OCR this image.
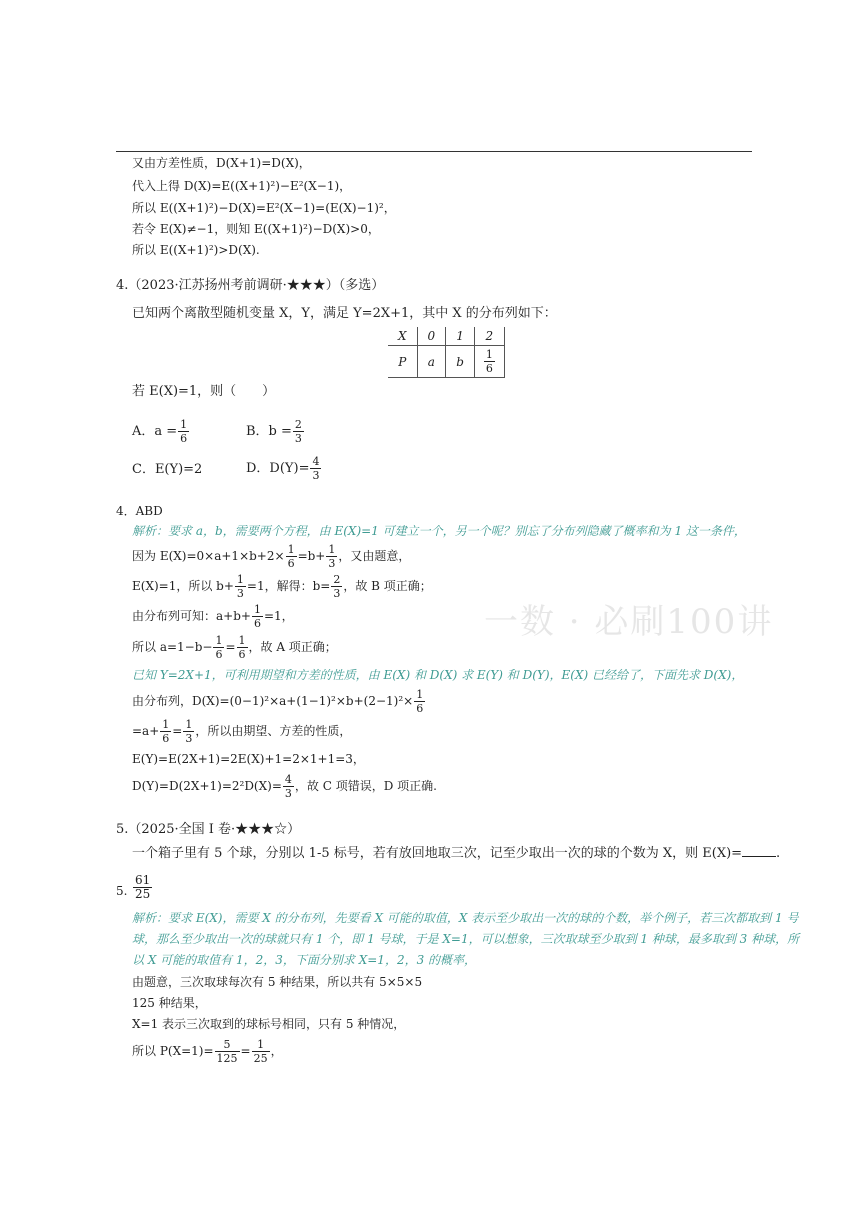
又由方差性质，D(X+1)=D(X)，
代入上得 D(X)=E((X+1)²)−E²(X−1)，
所以 E((X+1)²)−D(X)=E²(X−1)=(E(X)−1)²，
若令 E(X)≠−1，则知 E((X+1)²)−D(X)>0，
所以 E((X+1)²)>D(X).
4.（2023·江苏扬州考前调研·★★★）（多选）
已知两个离散型随机变量 X，Y，满足 Y=2X+1，其中 X 的分布列如下：
X	0	1	2
P	a	b	$\frac{1}{6}$
若 E(X)=1，则（　　）
A．$a = \frac{1}{6}$	B．$b = \frac{2}{3}$
C．E(Y)=2	D．$D(Y)= \frac{4}{3}$
4．ABD
解析：要求 a，b，需要两个方程，由 E(X)=1 可建立一个，另一个呢？别忘了分布列隐藏了概率和为 1 这一条件，
因为 $E(X)=0\times a+1\times b+2\times \frac{1}{6} =b+ \frac{1}{3}$ ，又由题意，
E(X)=1，所以 $b+ \frac{1}{3} =1$，解得：$b= \frac{2}{3}$ ，故 B 项正确；
由分布列可知：$a+b+ \frac{1}{6} =1$，
所以 $a=1-b- \frac{1}{6} = \frac{1}{6}$ ，故 A 项正确；
一数 · 必刷100讲
已知 Y=2X+1，可利用期望和方差的性质，由 E(X) 和 D(X) 求 E(Y) 和 D(Y)，E(X) 已经给了，下面先求 D(X)，
由分布列，$D(X)=(0-1)^2\times a+(1-1)^2\times b+(2-1)^2\times \frac{1}{6}$
$=a+ \frac{1}{6} = \frac{1}{3}$ ，所以由期望、方差的性质，
E(Y)=E(2X+1)=2E(X)+1=2×1+1=3，
$D(Y)=D(2X+1)=2^2D(X)= \frac{4}{3}$ ，故 C 项错误，D 项正确.
5.（2025·全国 I 卷·★★★☆）
一个箱子里有 5 个球，分别以 1-5 标号，若有放回地取三次，记至少取出一次的球的个数为 X，则 E(X)=	.
5. $\frac{61}{25}$
解析：要求 E(X)，需要 X 的分布列，先要看 X 可能的取值，X 表示至少取出一次的球的个数，举个例子，若三次都取到 1 号
球，那么至少取出一次的球就只有 1 个，即 1 号球，于是 X=1，可以想象，三次取球至少取到 1 种球，最多取到 3 种球，所
以 X 可能的取值有 1，2，3，下面分别求 X=1，2，3 的概率，
由题意，三次取球每次有 5 种结果，所以共有 5×5×5
125 种结果，
X=1 表示三次取到的球标号相同，只有 5 种情况，
所以 $P(X=1)= \frac{5}{125} = \frac{1}{25}$ ，
